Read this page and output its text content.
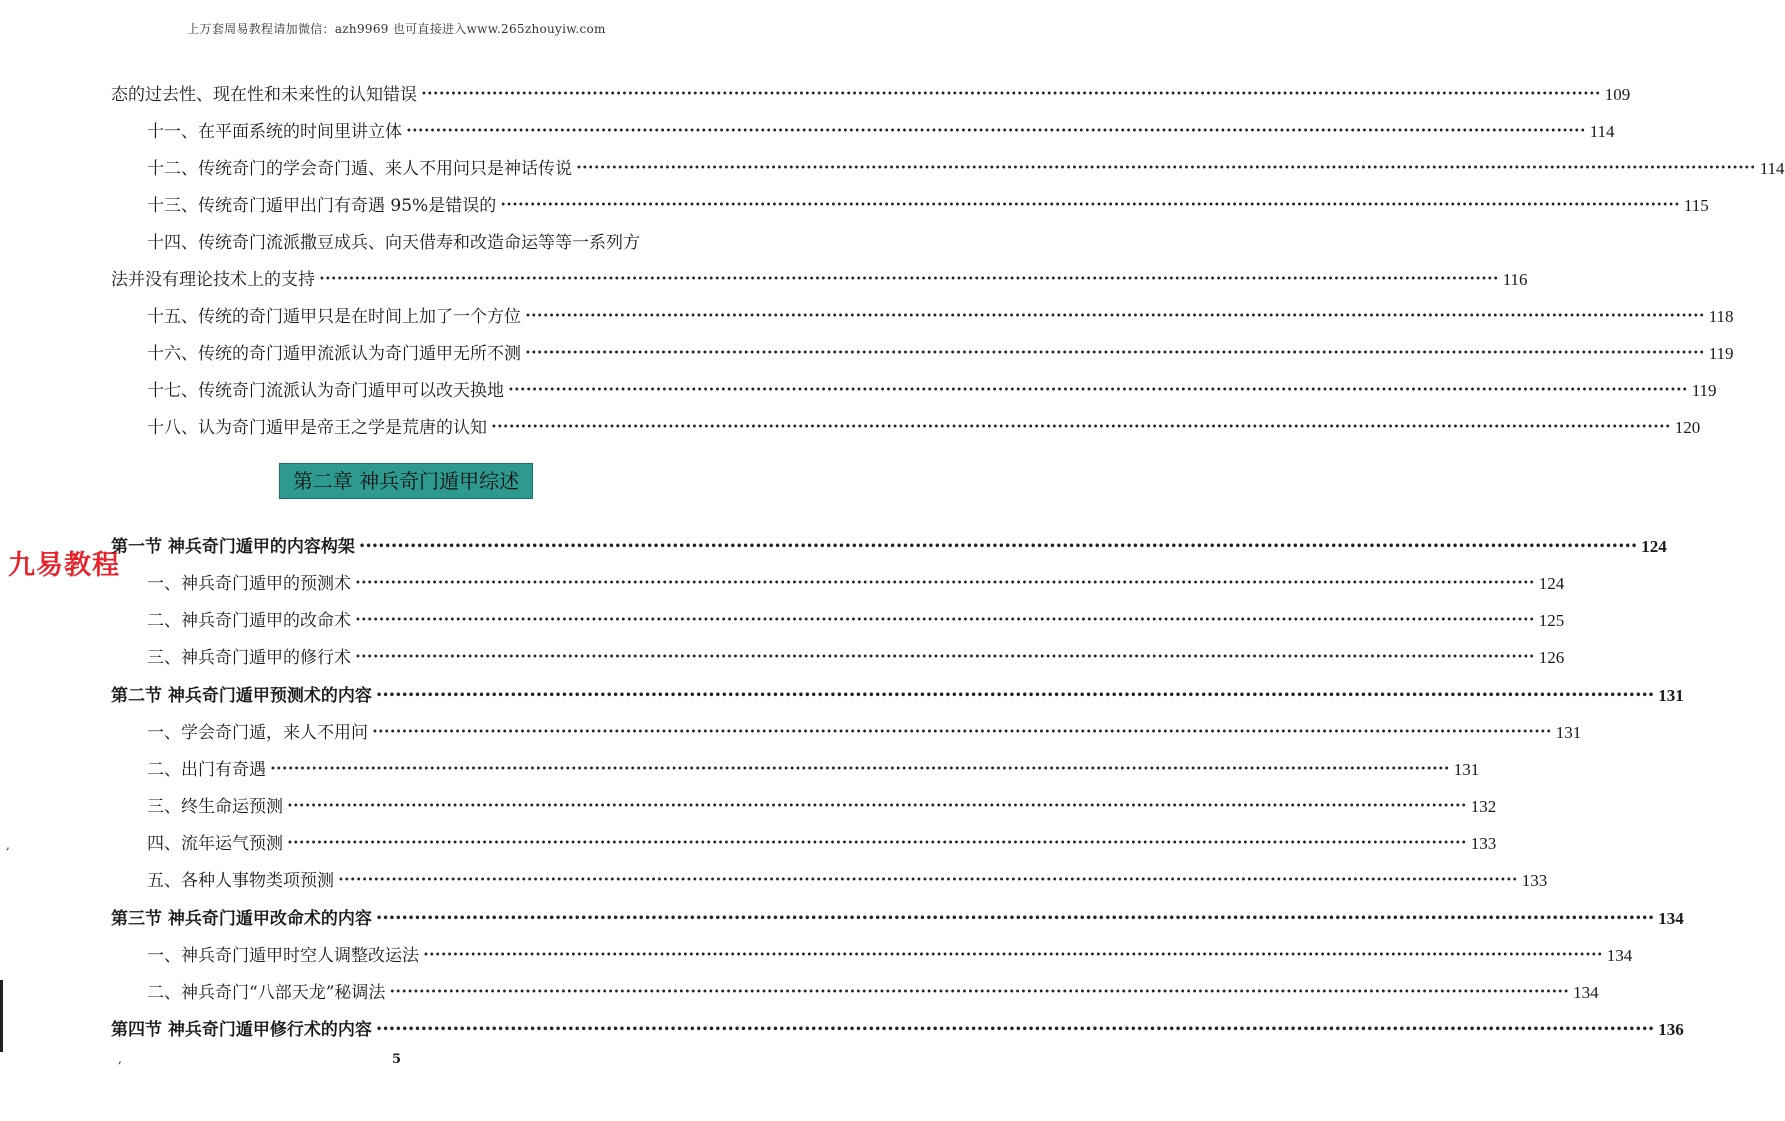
上万套周易教程请加微信：azh9969 也可直接进入www.265zhouyiw.com
态的过去性、现在性和未来性的认知错误 •••••••••••••••••••••••••••••••••••••••••••••••••••••••••••••••••••••••••••••••••••••••••••••••••••••••••••••••••••••••••••••••••••••••••••••••••••••••••••••••••••••••••••••••••••••••••••••••••••••••• 109
十一、在平面系统的时间里讲立体 •••••••••••••••••••••••••••••••••••••••••••••••••••••••••••••••••••••••••••••••••••••••••••••••••••••••••••••••••••••••••••••••••••••••••••••••••••••••••••••••••••••••••••••••••••••••••••••••••••••••• 114
十二、传统奇门的学会奇门遁、来人不用问只是神话传说 •••••••••••••••••••••••••••••••••••••••••••••••••••••••••••••••••••••••••••••••••••••••••••••••••••••••••••••••••••••••••••••••••••••••••••••••••••••••••••••••••••••••••••••••••••••••••••••••••••••••• 114
十三、传统奇门遁甲出门有奇遇 95%是错误的 •••••••••••••••••••••••••••••••••••••••••••••••••••••••••••••••••••••••••••••••••••••••••••••••••••••••••••••••••••••••••••••••••••••••••••••••••••••••••••••••••••••••••••••••••••••••••••••••••••••••• 115
十四、传统奇门流派撒豆成兵、向天借寿和改造命运等等一系列方
法并没有理论技术上的支持 •••••••••••••••••••••••••••••••••••••••••••••••••••••••••••••••••••••••••••••••••••••••••••••••••••••••••••••••••••••••••••••••••••••••••••••••••••••••••••••••••••••••••••••••••••••••••••••••••••••••• 116
十五、传统的奇门遁甲只是在时间上加了一个方位 •••••••••••••••••••••••••••••••••••••••••••••••••••••••••••••••••••••••••••••••••••••••••••••••••••••••••••••••••••••••••••••••••••••••••••••••••••••••••••••••••••••••••••••••••••••••••••••••••••••••• 118
十六、传统的奇门遁甲流派认为奇门遁甲无所不测 •••••••••••••••••••••••••••••••••••••••••••••••••••••••••••••••••••••••••••••••••••••••••••••••••••••••••••••••••••••••••••••••••••••••••••••••••••••••••••••••••••••••••••••••••••••••••••••••••••••••• 119
十七、传统奇门流派认为奇门遁甲可以改天换地 •••••••••••••••••••••••••••••••••••••••••••••••••••••••••••••••••••••••••••••••••••••••••••••••••••••••••••••••••••••••••••••••••••••••••••••••••••••••••••••••••••••••••••••••••••••••••••••••••••••••• 119
十八、认为奇门遁甲是帝王之学是荒唐的认知 •••••••••••••••••••••••••••••••••••••••••••••••••••••••••••••••••••••••••••••••••••••••••••••••••••••••••••••••••••••••••••••••••••••••••••••••••••••••••••••••••••••••••••••••••••••••••••••••••••••••• 120
第二章 神兵奇门遁甲综述
九易教程
第一节 神兵奇门遁甲的内容构架 •••••••••••••••••••••••••••••••••••••••••••••••••••••••••••••••••••••••••••••••••••••••••••••••••••••••••••••••••••••••••••••••••••••••••••••••••••••••••••••••••••••••••••••••••••••••••••••••••••••••• 124
一、神兵奇门遁甲的预测术 •••••••••••••••••••••••••••••••••••••••••••••••••••••••••••••••••••••••••••••••••••••••••••••••••••••••••••••••••••••••••••••••••••••••••••••••••••••••••••••••••••••••••••••••••••••••••••••••••••••••• 124
二、神兵奇门遁甲的改命术 •••••••••••••••••••••••••••••••••••••••••••••••••••••••••••••••••••••••••••••••••••••••••••••••••••••••••••••••••••••••••••••••••••••••••••••••••••••••••••••••••••••••••••••••••••••••••••••••••••••••• 125
三、神兵奇门遁甲的修行术 •••••••••••••••••••••••••••••••••••••••••••••••••••••••••••••••••••••••••••••••••••••••••••••••••••••••••••••••••••••••••••••••••••••••••••••••••••••••••••••••••••••••••••••••••••••••••••••••••••••••• 126
第二节 神兵奇门遁甲预测术的内容 •••••••••••••••••••••••••••••••••••••••••••••••••••••••••••••••••••••••••••••••••••••••••••••••••••••••••••••••••••••••••••••••••••••••••••••••••••••••••••••••••••••••••••••••••••••••••••••••••••••••• 131
一、学会奇门遁，来人不用问 •••••••••••••••••••••••••••••••••••••••••••••••••••••••••••••••••••••••••••••••••••••••••••••••••••••••••••••••••••••••••••••••••••••••••••••••••••••••••••••••••••••••••••••••••••••••••••••••••••••••• 131
二、出门有奇遇 •••••••••••••••••••••••••••••••••••••••••••••••••••••••••••••••••••••••••••••••••••••••••••••••••••••••••••••••••••••••••••••••••••••••••••••••••••••••••••••••••••••••••••••••••••••••••••••••••••••••• 131
三、终生命运预测 •••••••••••••••••••••••••••••••••••••••••••••••••••••••••••••••••••••••••••••••••••••••••••••••••••••••••••••••••••••••••••••••••••••••••••••••••••••••••••••••••••••••••••••••••••••••••••••••••••••••• 132
四、流年运气预测 •••••••••••••••••••••••••••••••••••••••••••••••••••••••••••••••••••••••••••••••••••••••••••••••••••••••••••••••••••••••••••••••••••••••••••••••••••••••••••••••••••••••••••••••••••••••••••••••••••••••• 133
五、各种人事物类项预测 •••••••••••••••••••••••••••••••••••••••••••••••••••••••••••••••••••••••••••••••••••••••••••••••••••••••••••••••••••••••••••••••••••••••••••••••••••••••••••••••••••••••••••••••••••••••••••••••••••••••• 133
第三节 神兵奇门遁甲改命术的内容 •••••••••••••••••••••••••••••••••••••••••••••••••••••••••••••••••••••••••••••••••••••••••••••••••••••••••••••••••••••••••••••••••••••••••••••••••••••••••••••••••••••••••••••••••••••••••••••••••••••••• 134
一、神兵奇门遁甲时空人调整改运法 •••••••••••••••••••••••••••••••••••••••••••••••••••••••••••••••••••••••••••••••••••••••••••••••••••••••••••••••••••••••••••••••••••••••••••••••••••••••••••••••••••••••••••••••••••••••••••••••••••••••• 134
二、神兵奇门“八部天龙”秘调法 •••••••••••••••••••••••••••••••••••••••••••••••••••••••••••••••••••••••••••••••••••••••••••••••••••••••••••••••••••••••••••••••••••••••••••••••••••••••••••••••••••••••••••••••••••••••••••••••••••••••• 134
第四节 神兵奇门遁甲修行术的内容 •••••••••••••••••••••••••••••••••••••••••••••••••••••••••••••••••••••••••••••••••••••••••••••••••••••••••••••••••••••••••••••••••••••••••••••••••••••••••••••••••••••••••••••••••••••••••••••••••••••••• 136
5
,
,
